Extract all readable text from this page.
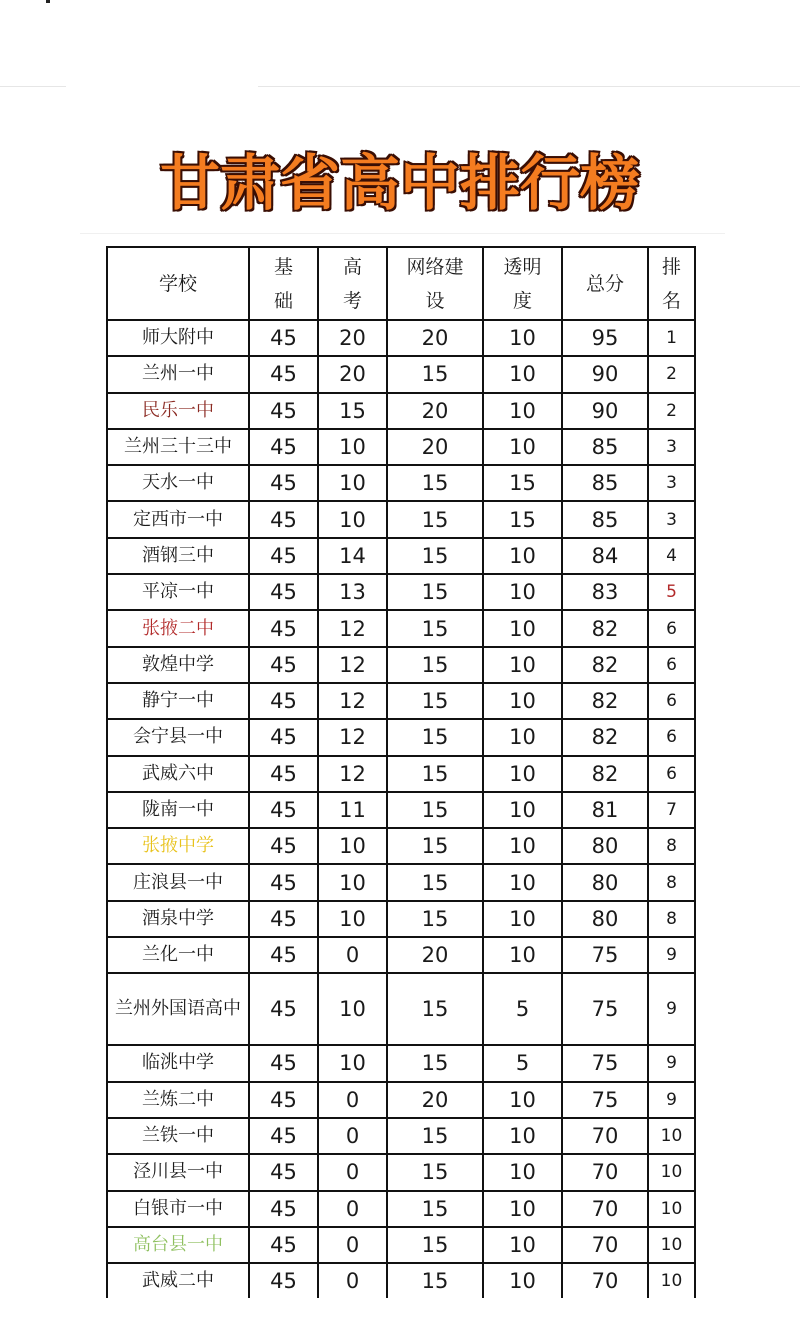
甘肃省高中排行榜
学校	基础	高考	网络建设	透明度	总分	排名
师大附中	45	20	20	10	95	1
兰州一中	45	20	15	10	90	2
民乐一中	45	15	20	10	90	2
兰州三十三中	45	10	20	10	85	3
天水一中	45	10	15	15	85	3
定西市一中	45	10	15	15	85	3
酒钢三中	45	14	15	10	84	4
平凉一中	45	13	15	10	83	5
张掖二中	45	12	15	10	82	6
敦煌中学	45	12	15	10	82	6
静宁一中	45	12	15	10	82	6
会宁县一中	45	12	15	10	82	6
武威六中	45	12	15	10	82	6
陇南一中	45	11	15	10	81	7
张掖中学	45	10	15	10	80	8
庄浪县一中	45	10	15	10	80	8
酒泉中学	45	10	15	10	80	8
兰化一中	45	0	20	10	75	9
兰州外国语高中	45	10	15	5	75	9
临洮中学	45	10	15	5	75	9
兰炼二中	45	0	20	10	75	9
兰铁一中	45	0	15	10	70	10
泾川县一中	45	0	15	10	70	10
白银市一中	45	0	15	10	70	10
高台县一中	45	0	15	10	70	10
武威二中	45	0	15	10	70	10
